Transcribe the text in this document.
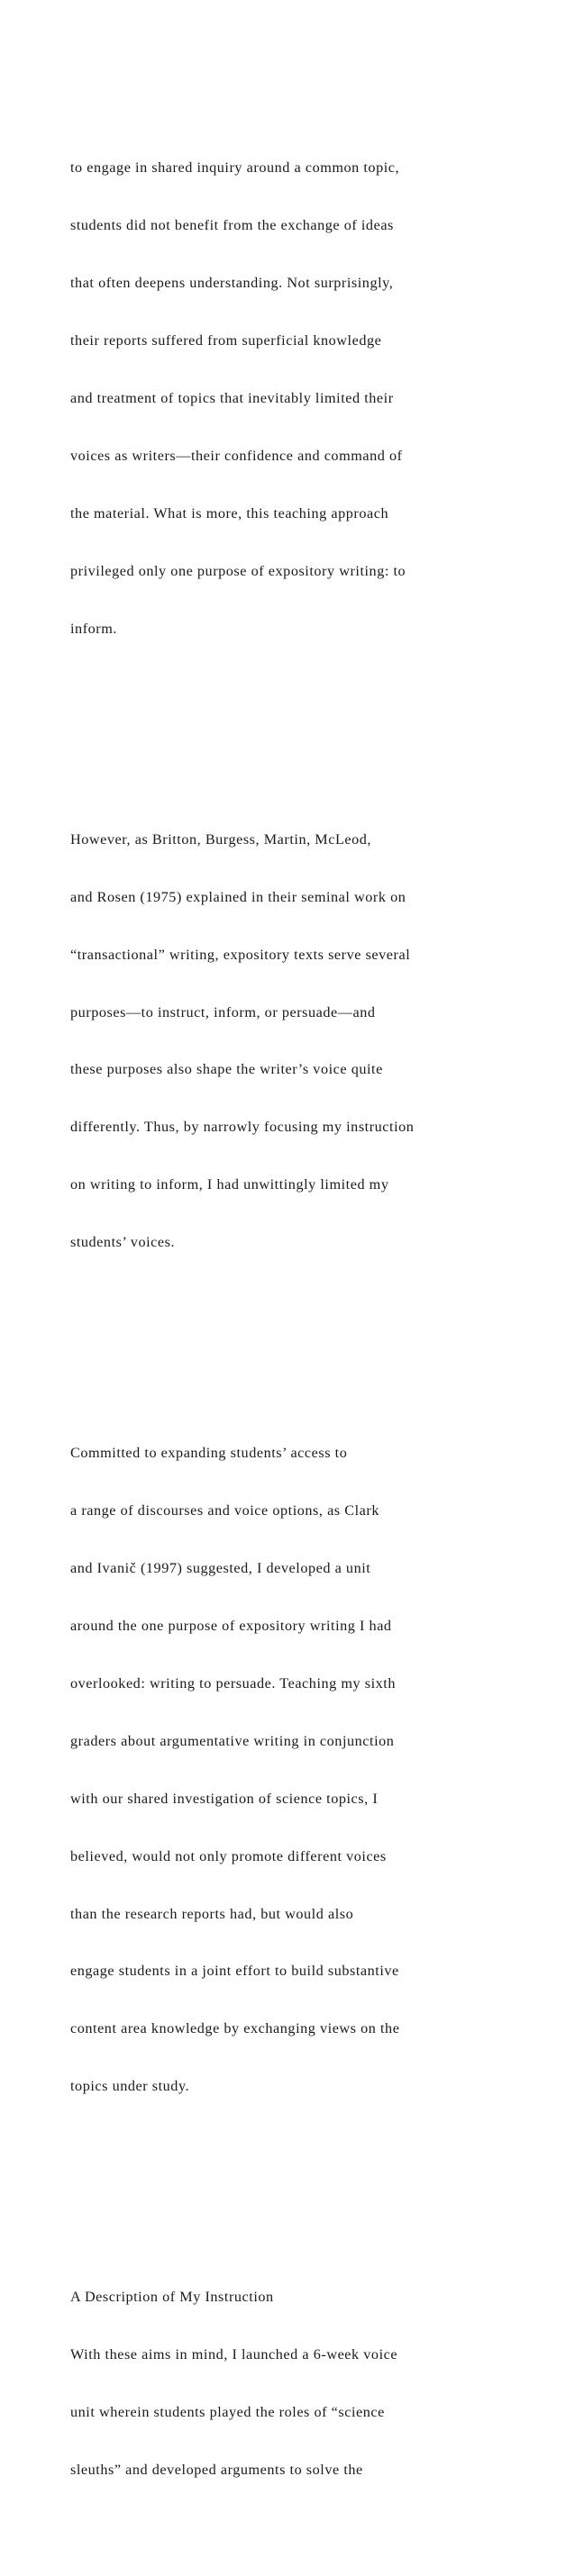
to engage in shared inquiry around a common topic,

students did not benefit from the exchange of ideas

that often deepens understanding. Not surprisingly,

their reports suffered from superficial knowledge

and treatment of topics that inevitably limited their

voices as writers—their confidence and command of

the material. What is more, this teaching approach

privileged only one purpose of expository writing: to

inform.

However, as Britton, Burgess, Martin, McLeod,

and Rosen (1975) explained in their seminal work on

“transactional” writing, expository texts serve several

purposes—to instruct, inform, or persuade—and

these purposes also shape the writer’s voice quite

differently. Thus, by narrowly focusing my instruction

on writing to inform, I had unwittingly limited my

students’ voices.

Committed to expanding students’ access to

a range of discourses and voice options, as Clark

and Ivanič (1997) suggested, I developed a unit

around the one purpose of expository writing I had

overlooked: writing to persuade. Teaching my sixth

graders about argumentative writing in conjunction

with our shared investigation of science topics, I

believed, would not only promote different voices

than the research reports had, but would also

engage students in a joint effort to build substantive

content area knowledge by exchanging views on the

topics under study.

A Description of My Instruction

With these aims in mind, I launched a 6-week voice

unit wherein students played the roles of “science

sleuths” and developed arguments to solve the
